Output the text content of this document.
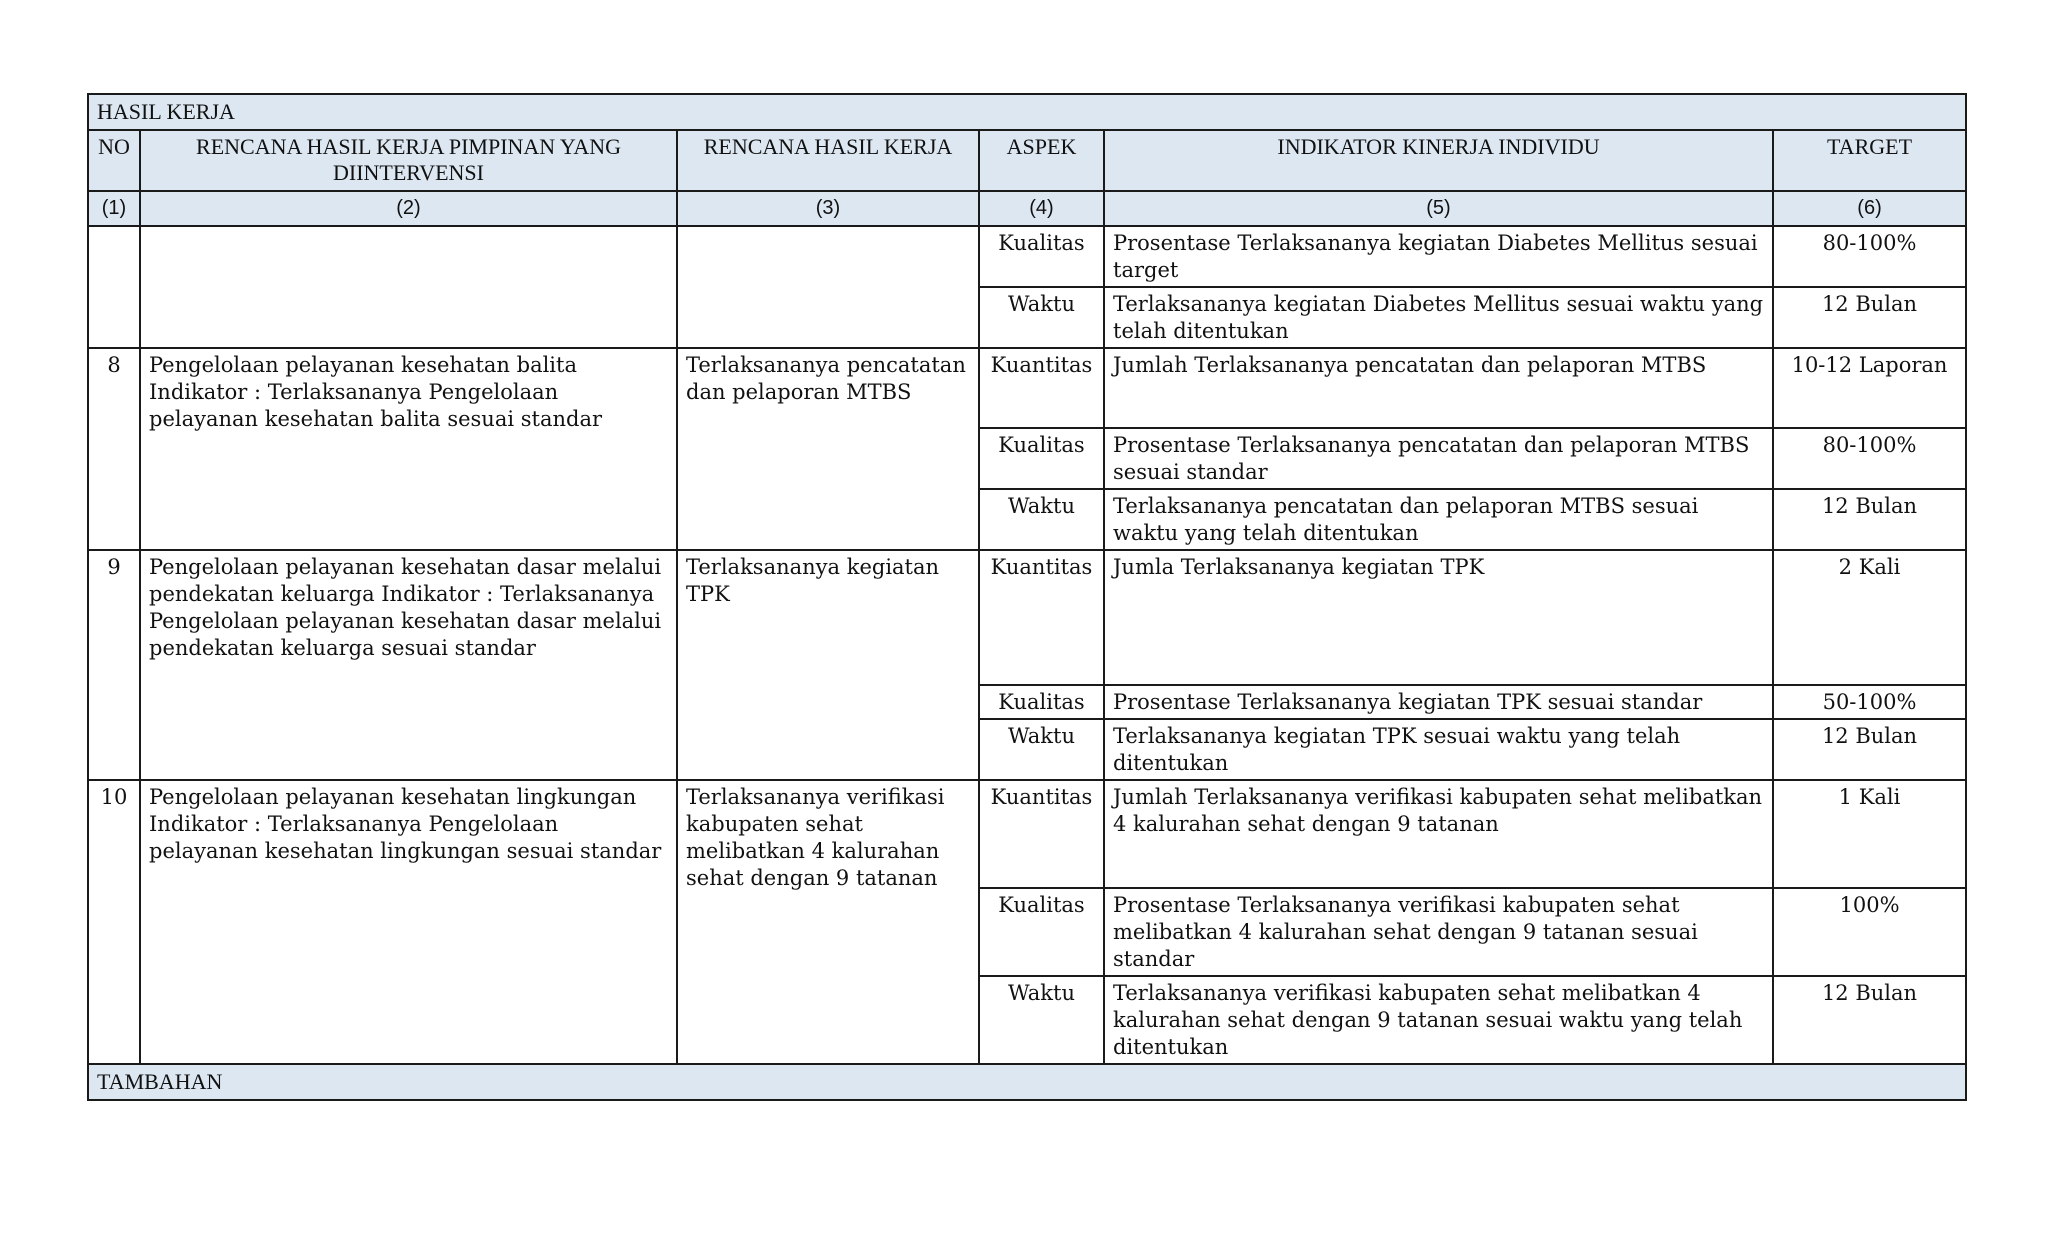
HASIL KERJA					
NO	RENCANA HASIL KERJA PIMPINAN YANG DIINTERVENSI	RENCANA HASIL KERJA	ASPEK	INDIKATOR KINERJA INDIVIDU	TARGET
(1)	(2)	(3)	(4)	(5)	(6)
			Kualitas	Prosentase Terlaksananya kegiatan Diabetes Mellitus sesuai target	80-100%
			Waktu	Terlaksananya kegiatan Diabetes Mellitus sesuai waktu yang telah ditentukan	12 Bulan
8	Pengelolaan pelayanan kesehatan balita Indikator : Terlaksananya Pengelolaan pelayanan kesehatan balita sesuai standar	Terlaksananya pencatatan dan pelaporan MTBS	Kuantitas	Jumlah Terlaksananya pencatatan dan pelaporan MTBS	10-12 Laporan
			Kualitas	Prosentase Terlaksananya pencatatan dan pelaporan MTBS sesuai standar	80-100%
			Waktu	Terlaksananya pencatatan dan pelaporan MTBS sesuai waktu yang telah ditentukan	12 Bulan
9	Pengelolaan pelayanan kesehatan dasar melalui pendekatan keluarga Indikator : Terlaksananya Pengelolaan pelayanan kesehatan dasar melalui pendekatan keluarga sesuai standar	Terlaksananya kegiatan TPK	Kuantitas	Jumla Terlaksananya kegiatan TPK	2 Kali
			Kualitas	Prosentase Terlaksananya kegiatan TPK sesuai standar	50-100%
			Waktu	Terlaksananya kegiatan TPK sesuai waktu yang telah ditentukan	12 Bulan
10	Pengelolaan pelayanan kesehatan lingkungan Indikator : Terlaksananya Pengelolaan pelayanan kesehatan lingkungan sesuai standar	Terlaksananya verifikasi kabupaten sehat melibatkan 4 kalurahan sehat dengan 9 tatanan	Kuantitas	Jumlah Terlaksananya verifikasi kabupaten sehat melibatkan 4 kalurahan sehat dengan 9 tatanan	1 Kali
			Kualitas	Prosentase Terlaksananya verifikasi kabupaten sehat melibatkan 4 kalurahan sehat dengan 9 tatanan sesuai standar	100%
			Waktu	Terlaksananya verifikasi kabupaten sehat melibatkan 4 kalurahan sehat dengan 9 tatanan sesuai waktu yang telah ditentukan	12 Bulan
TAMBAHAN					
